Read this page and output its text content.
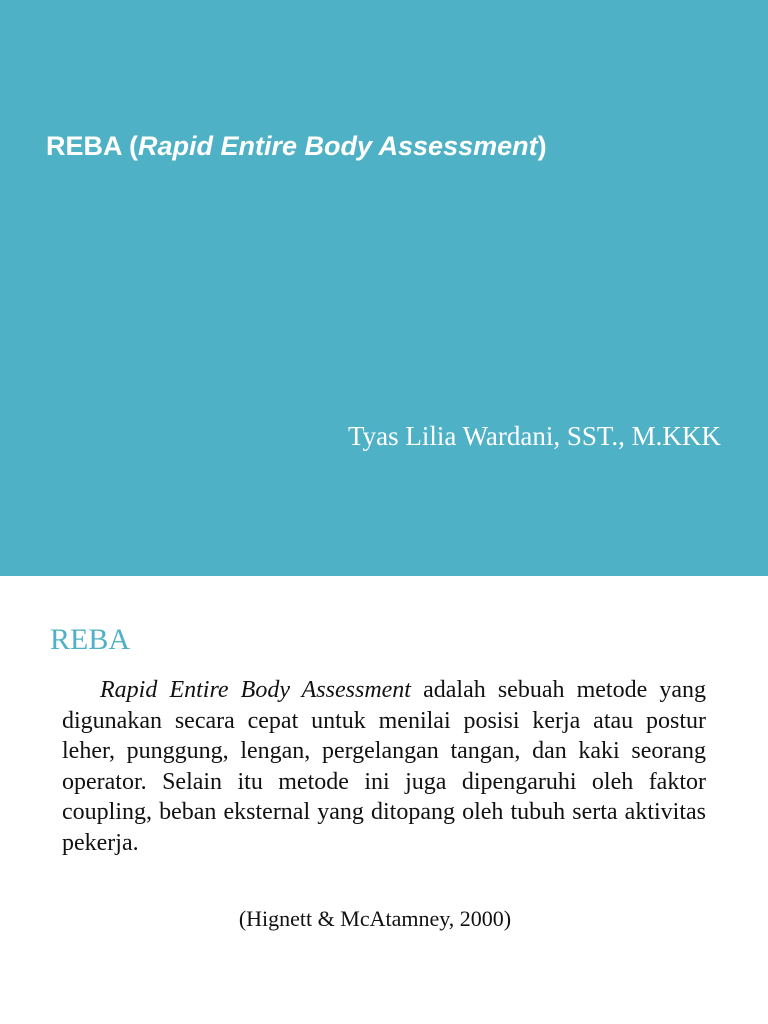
REBA (Rapid Entire Body Assessment)
Tyas Lilia Wardani, SST., M.KKK
REBA

Rapid Entire Body Assessment adalah sebuah metode yang digunakan secara cepat untuk menilai posisi kerja atau postur leher, punggung, lengan, pergelangan tangan, dan kaki seorang operator. Selain itu metode ini juga dipengaruhi oleh faktor coupling, beban eksternal yang ditopang oleh tubuh serta aktivitas pekerja.

(Hignett & McAtamney, 2000)
